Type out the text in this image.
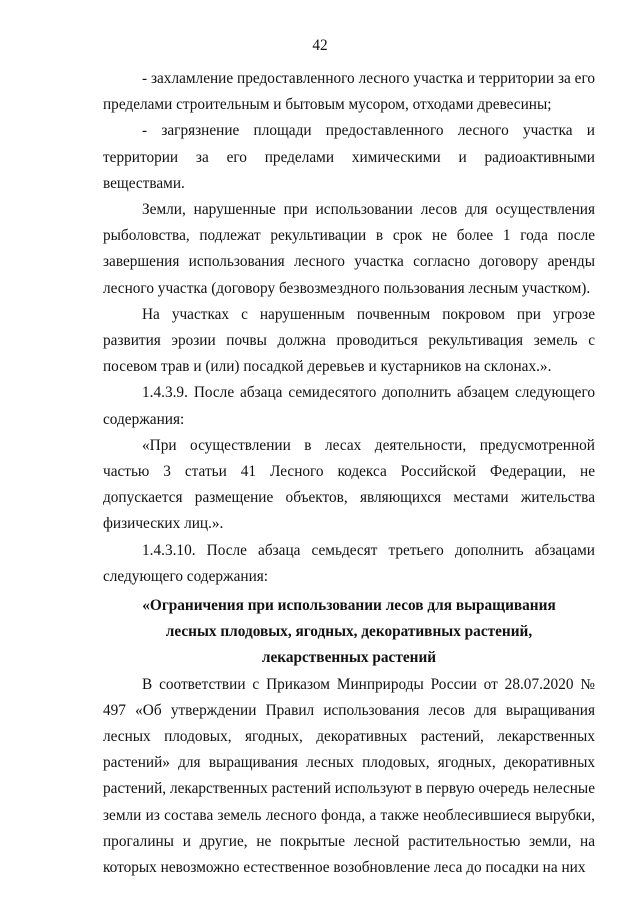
42

- захламление предоставленного лесного участка и территории за его пределами строительным и бытовым мусором, отходами древесины;

- загрязнение площади предоставленного лесного участка и территории за его пределами химическими и радиоактивными веществами.

Земли, нарушенные при использовании лесов для осуществления рыболовства, подлежат рекультивации в срок не более 1 года после завершения использования лесного участка согласно договору аренды лесного участка (договору безвозмездного пользования лесным участком).

На участках с нарушенным почвенным покровом при угрозе развития эрозии почвы должна проводиться рекультивация земель с посевом трав и (или) посадкой деревьев и кустарников на склонах.».

1.4.3.9. После абзаца семидесятого дополнить абзацем следующего содержания:

«При осуществлении в лесах деятельности, предусмотренной частью 3 статьи 41 Лесного кодекса Российской Федерации, не допускается размещение объектов, являющихся местами жительства физических лиц.».

1.4.3.10. После абзаца семьдесят третьего дополнить абзацами следующего содержания:

«Ограничения при использовании лесов для выращивания
лесных плодовых, ягодных, декоративных растений,
лекарственных растений

В соответствии с Приказом Минприроды России от 28.07.2020 № 497 «Об утверждении Правил использования лесов для выращивания лесных плодовых, ягодных, декоративных растений, лекарственных растений» для выращивания лесных плодовых, ягодных, декоративных растений, лекарственных растений используют в первую очередь нелесные земли из состава земель лесного фонда, а также необлесившиеся вырубки, прогалины и другие, не покрытые лесной растительностью земли, на которых невозможно естественное возобновление леса до посадки на них
